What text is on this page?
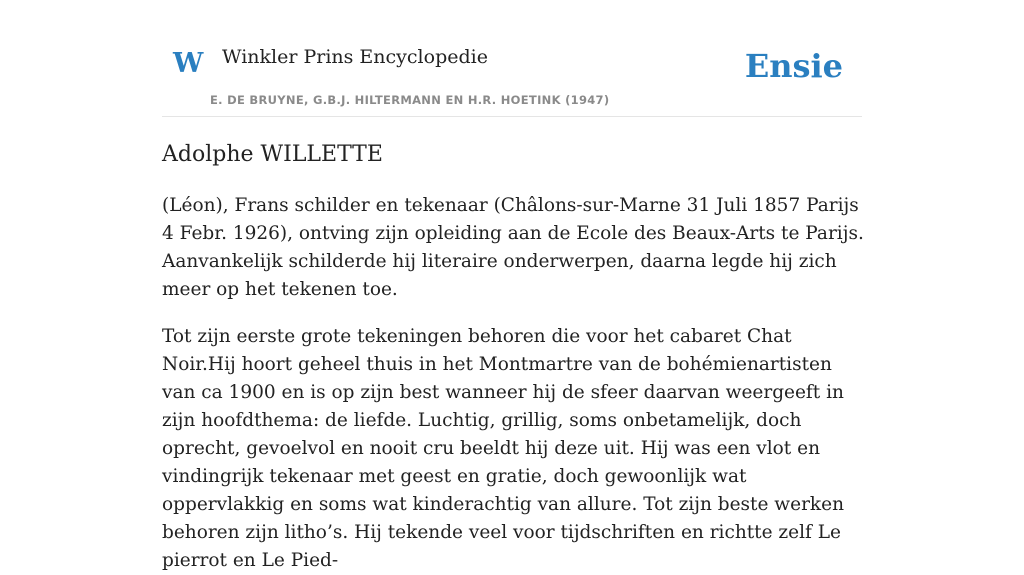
W Winkler Prins Encyclopedie
E. DE BRUYNE, G.B.J. HILTERMANN EN H.R. HOETINK (1947)
Ensie
Adolphe WILLETTE

(Léon), Frans schilder en tekenaar (Châlons-sur-Marne 31 Juli 1857 Parijs 4 Febr. 1926), ontving zijn opleiding aan de Ecole des Beaux-Arts te Parijs. Aanvankelijk schilderde hij literaire onderwerpen, daarna legde hij zich meer op het tekenen toe.

Tot zijn eerste grote tekeningen behoren die voor het cabaret Chat Noir.Hij hoort geheel thuis in het Montmartre van de bohémienartisten van ca 1900 en is op zijn best wanneer hij de sfeer daarvan weergeeft in zijn hoofdthema: de liefde. Luchtig, grillig, soms onbetamelijk, doch oprecht, gevoelvol en nooit cru beeldt hij deze uit. Hij was een vlot en vindingrijk tekenaar met geest en gratie, doch gewoonlijk wat oppervlakkig en soms wat kinderachtig van allure. Tot zijn beste werken behoren zijn litho’s. Hij tekende veel voor tijdschriften en richtte zelf Le pierrot en Le Pied-
